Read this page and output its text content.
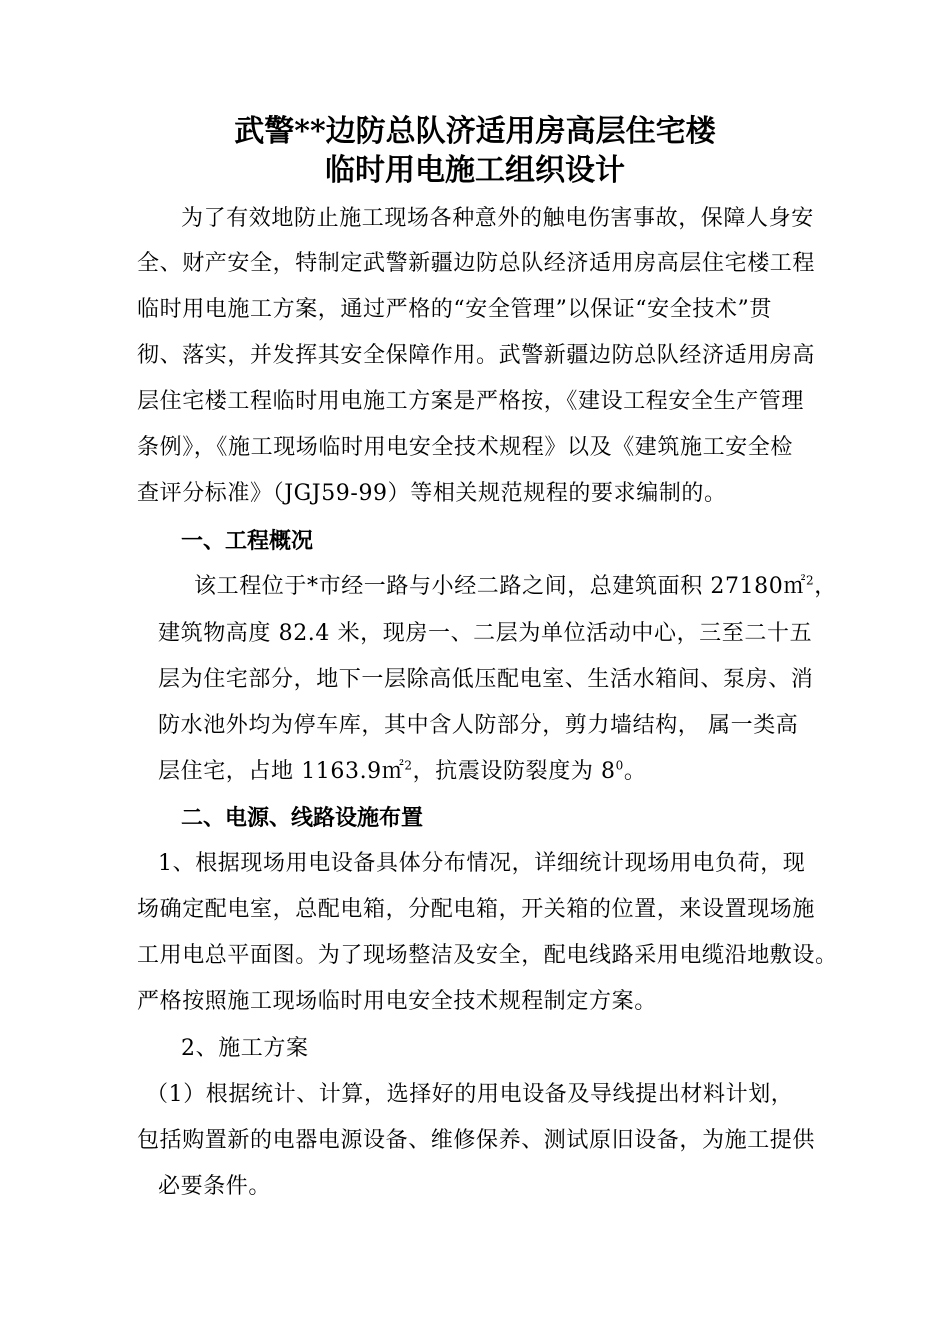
武警**边防总队济适用房高层住宅楼
临时用电施工组织设计
为了有效地防止施工现场各种意外的触电伤害事故，保障人身安
全、财产安全，特制定武警新疆边防总队经济适用房高层住宅楼工程
临时用电施工方案，通过严格的“安全管理”以保证“安全技术”贯
彻、落实，并发挥其安全保障作用。武警新疆边防总队经济适用房高
层住宅楼工程临时用电施工方案是严格按，《建设工程安全生产管理
条例》，《施工现场临时用电安全技术规程》以及《建筑施工安全检
查评分标准》（JGJ59-99）等相关规范规程的要求编制的。
一、工程概况
该工程位于*市经一路与小经二路之间，总建筑面积 27180㎡$^2$，
建筑物高度 82.4 米，现房一、二层为单位活动中心，三至二十五
层为住宅部分，地下一层除高低压配电室、生活水箱间、泵房、消
防水池外均为停车库，其中含人防部分，剪力墙结构， 属一类高
层住宅，占地 1163.9㎡$^2$，抗震设防裂度为 $8^0$。
二、电源、线路设施布置
1、根据现场用电设备具体分布情况，详细统计现场用电负荷，现
场确定配电室，总配电箱，分配电箱，开关箱的位置，来设置现场施
工用电总平面图。为了现场整洁及安全，配电线路采用电缆沿地敷设。
严格按照施工现场临时用电安全技术规程制定方案。
2、施工方案
（1）根据统计、计算，选择好的用电设备及导线提出材料计划，
包括购置新的电器电源设备、维修保养、测试原旧设备，为施工提供
必要条件。
